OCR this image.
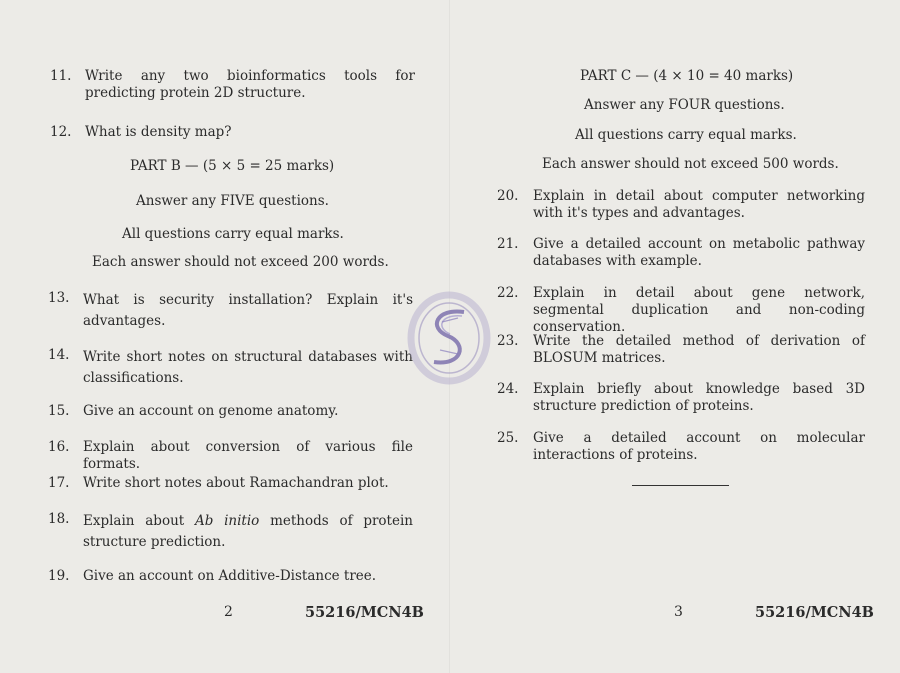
11. Write any two bioinformatics tools for predicting protein 2D structure.
12. What is density map?
PART B — (5 × 5 = 25 marks)
Answer any FIVE questions.
All questions carry equal marks.
Each answer should not exceed 200 words.
13. What is security installation? Explain it's advantages.
14. Write short notes on structural databases with classifications.
15. Give an account on genome anatomy.
16. Explain about conversion of various file formats.
17. Write short notes about Ramachandran plot.
18. Explain about Ab initio methods of protein structure prediction.
19. Give an account on Additive-Distance tree.
2	55216/MCN4B
PART C — (4 × 10 = 40 marks)
Answer any FOUR questions.
All questions carry equal marks.
Each answer should not exceed 500 words.
20. Explain in detail about computer networking with it's types and advantages.
21. Give a detailed account on metabolic pathway databases with example.
22. Explain in detail about gene network, segmental duplication and non-coding conservation.
23. Write the detailed method of derivation of BLOSUM matrices.
24. Explain briefly about knowledge based 3D structure prediction of proteins.
25. Give a detailed account on molecular interactions of proteins.
3	55216/MCN4B
